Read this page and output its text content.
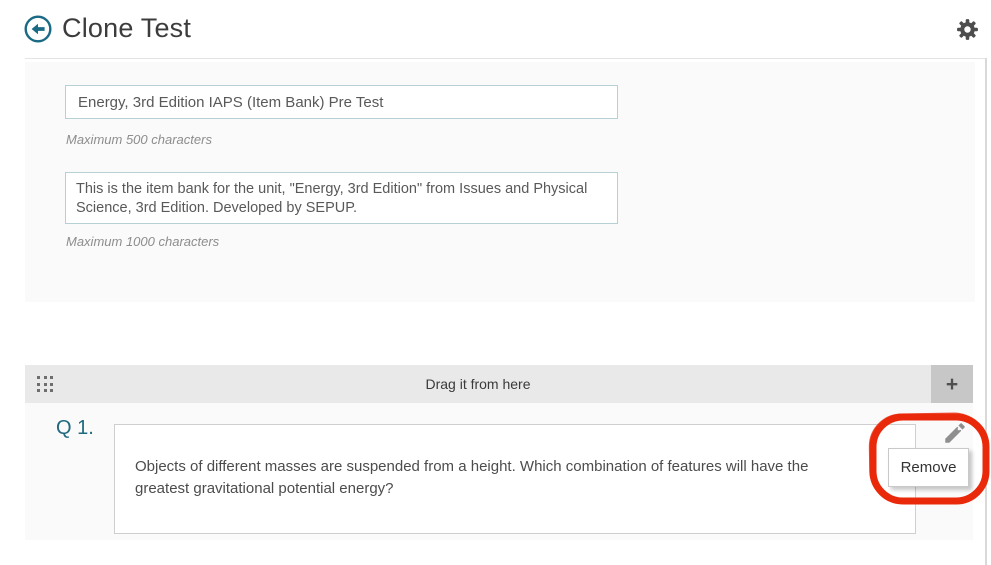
Clone Test
Energy, 3rd Edition IAPS (Item Bank) Pre Test
Maximum 500 characters
This is the item bank for the unit, "Energy, 3rd Edition" from Issues and Physical Science, 3rd Edition. Developed by SEPUP.
Maximum 1000 characters
Drag it from here	+
Q 1.
Objects of different masses are suspended from a height. Which combination of features will have the greatest gravitational potential energy?
Remove
